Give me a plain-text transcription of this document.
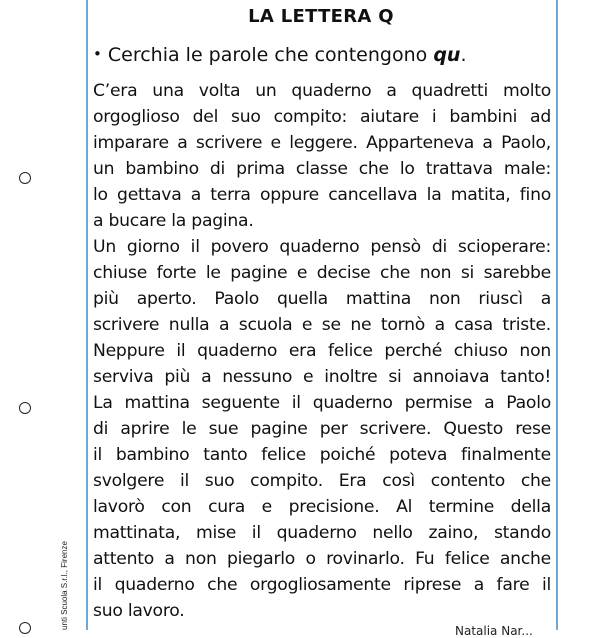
unti Scuola S.r.l., Firenze
LA LETTERA Q
• Cerchia le parole che contengono qu.
C’era una volta un quaderno a quadretti molto
orgoglioso del suo compito: aiutare i bambini ad
imparare a scrivere e leggere. Apparteneva a Paolo,
un bambino di prima classe che lo trattava male:
lo gettava a terra oppure cancellava la matita, fino
a bucare la pagina.
Un giorno il povero quaderno pensò di scioperare:
chiuse forte le pagine e decise che non si sarebbe
più aperto. Paolo quella mattina non riuscì a
scrivere nulla a scuola e se ne tornò a casa triste.
Neppure il quaderno era felice perché chiuso non
serviva più a nessuno e inoltre si annoiava tanto!
La mattina seguente il quaderno permise a Paolo
di aprire le sue pagine per scrivere. Questo rese
il bambino tanto felice poiché poteva finalmente
svolgere il suo compito. Era così contento che
lavorò con cura e precisione. Al termine della
mattinata, mise il quaderno nello zaino, stando
attento a non piegarlo o rovinarlo. Fu felice anche
il quaderno che orgogliosamente riprese a fare il
suo lavoro.
Natalia Nar...
